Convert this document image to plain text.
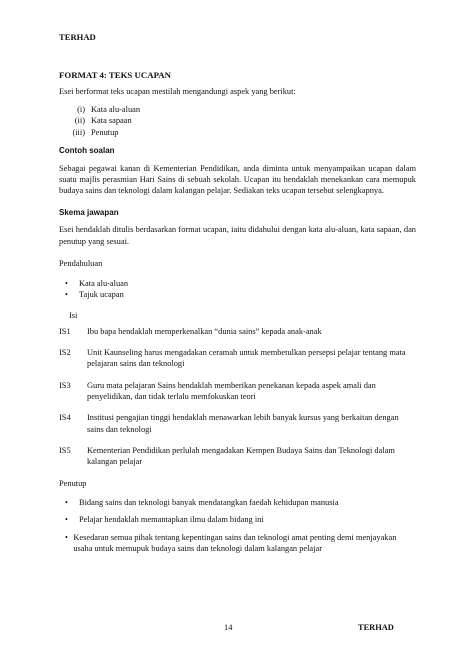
TERHAD

FORMAT 4: TEKS UCAPAN

Esei berformat teks ucapan mestilah mengandungi aspek yang berikut:

(i) Kata alu-aluan
(ii) Kata sapaan
(iii) Penutup
Contoh soalan

Sebagai pegawai kanan di Kementerian Pendidikan, anda diminta untuk menyampaikan ucapan dalam suatu majlis perasmian Hari Sains di sebuah sekolah. Ucapan itu hendaklah menekankan cara memupuk budaya sains dan teknologi dalam kalangan pelajar. Sediakan teks ucapan tersebut selengkapnya.

Skema jawapan

Esei hendaklah ditulis berdasarkan format ucapan, iaitu didahului dengan kata alu-aluan, kata sapaan, dan penutup yang sesuai.

Pendahuluan

•	Kata alu-aluan
•	Tajuk ucapan

Isi

IS1	Ibu bapa hendaklah memperkenalkan “dunia sains” kepada anak-anak
IS2	Unit Kaunseling harus mengadakan ceramah untuk membetulkan persepsi pelajar tentang mata pelajaran sains dan teknologi
IS3	Guru mata pelajaran Sains hendaklah memberikan penekanan kepada aspek amali dan penyelidikan, dan tidak terlalu memfokuskan teori
IS4	Institusi pengajian tinggi hendaklah menawarkan lebih banyak kursus yang berkaitan dengan sains dan teknologi
IS5	Kementerian Pendidikan perlulah mengadakan Kempen Budaya Sains dan Teknologi dalam kalangan pelajar

Penutup

•	Bidang sains dan teknologi banyak mendatangkan faedah kehidupan manusia
•	Pelajar hendaklah memantapkan ilmu dalam bidang ini
• Kesedaran semua pihak tentang kepentingan sains dan teknologi amat penting demi menjayakan usaha untuk memupuk budaya sains dan teknologi dalam kalangan pelajar
14	TERHAD
